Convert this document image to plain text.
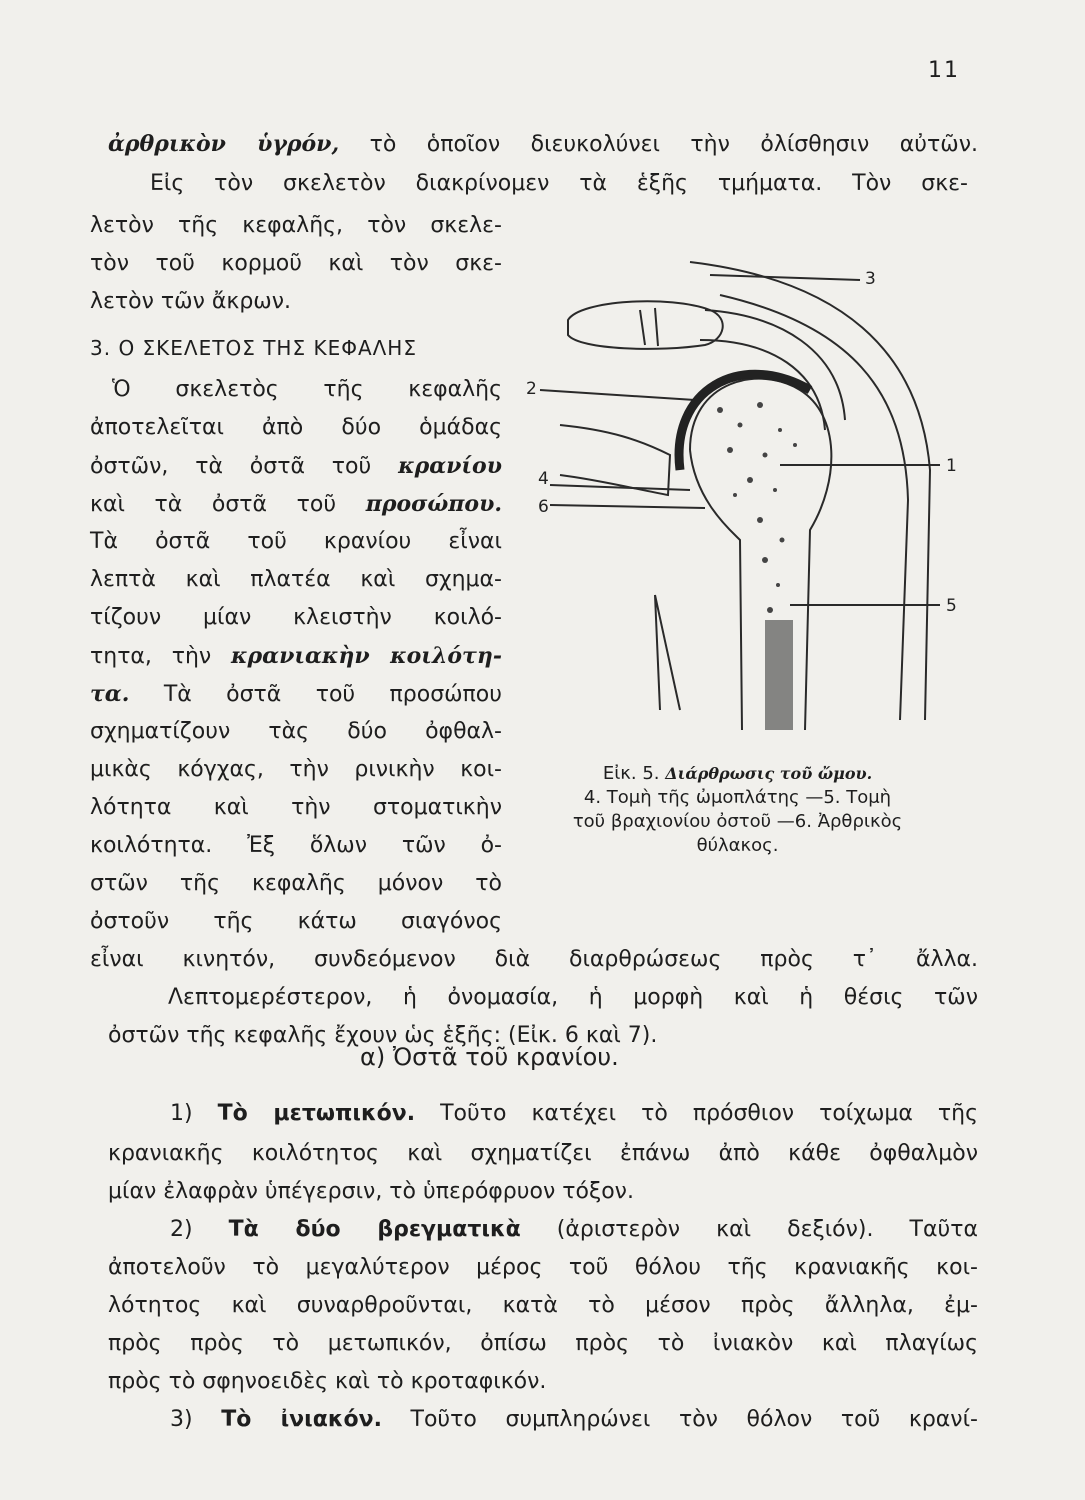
11
ἀρθρικὸν ὑγρόν, τὸ ὁποῖον διευκολύνει τὴν ὀλίσθησιν αὐτῶν.
Εἰς τὸν σκελετὸν διακρίνομεν τὰ ἑξῆς τμήματα. Τὸν σκε-
λετὸν τῆς κεφαλῆς, τὸν σκελε-
τὸν τοῦ κορμοῦ καὶ τὸν σκε-
λετὸν τῶν ἄκρων.
3. Ο ΣΚΕΛΕΤΟΣ ΤΗΣ ΚΕΦΑΛΗΣ
Ὁ σκελετὸς τῆς κεφαλῆς
ἀποτελεῖται ἀπὸ δύο ὁμάδας
ὀστῶν, τὰ ὀστᾶ τοῦ κρανίου
καὶ τὰ ὀστᾶ τοῦ προσώπου.
Τὰ ὀστᾶ τοῦ κρανίου εἶναι
λεπτὰ καὶ πλατέα καὶ σχημα-
τίζουν μίαν κλειστὴν κοιλό-
τητα, τὴν κρανιακὴν κοιλότη-
τα. Τὰ ὀστᾶ τοῦ προσώπου
σχηματίζουν τὰς δύο ὀφθαλ-
μικὰς κόγχας, τὴν ρινικὴν κοι-
λότητα καὶ τὴν στοματικὴν
κοιλότητα. Ἐξ ὅλων τῶν ὀ-
στῶν τῆς κεφαλῆς μόνον τὸ
ὀστοῦν τῆς κάτω σιαγόνος
εἶναι κινητόν, συνδεόμενον διὰ διαρθρώσεως πρὸς τ᾿ ἄλλα.
Λεπτομερέστερον, ἡ ὀνομασία, ἡ μορφὴ καὶ ἡ θέσις τῶν
ὀστῶν τῆς κεφαλῆς ἔχουν ὡς ἑξῆς: (Εἰκ. 6 καὶ 7).
3
2
4
6
1
5
Εἰκ. 5. Διάρθρωσις τοῦ ὤμου.
4. Τομὴ τῆς ὠμοπλάτης —5. Τομὴ
τοῦ βραχιονίου ὀστοῦ —6. Ἀρθρικὸς
θύλακος.
α) Ὀστᾶ τοῦ κρανίου.
1) Τὸ μετωπικόν. Τοῦτο κατέχει τὸ πρόσθιον τοίχωμα τῆς
κρανιακῆς κοιλότητος καὶ σχηματίζει ἐπάνω ἀπὸ κάθε ὀφθαλμὸν
μίαν ἐλαφρὰν ὑπέγερσιν, τὸ ὑπερόφρυον τόξον.
2) Τὰ δύο βρεγματικὰ (ἀριστερὸν καὶ δεξιόν). Ταῦτα
ἀποτελοῦν τὸ μεγαλύτερον μέρος τοῦ θόλου τῆς κρανιακῆς κοι-
λότητος καὶ συναρθροῦνται, κατὰ τὸ μέσον πρὸς ἄλληλα, ἐμ-
πρὸς πρὸς τὸ μετωπικόν, ὀπίσω πρὸς τὸ ἰνιακὸν καὶ πλαγίως
πρὸς τὸ σφηνοειδὲς καὶ τὸ κροταφικόν.
3) Τὸ ἰνιακόν. Τοῦτο συμπληρώνει τὸν θόλον τοῦ κρανί-
